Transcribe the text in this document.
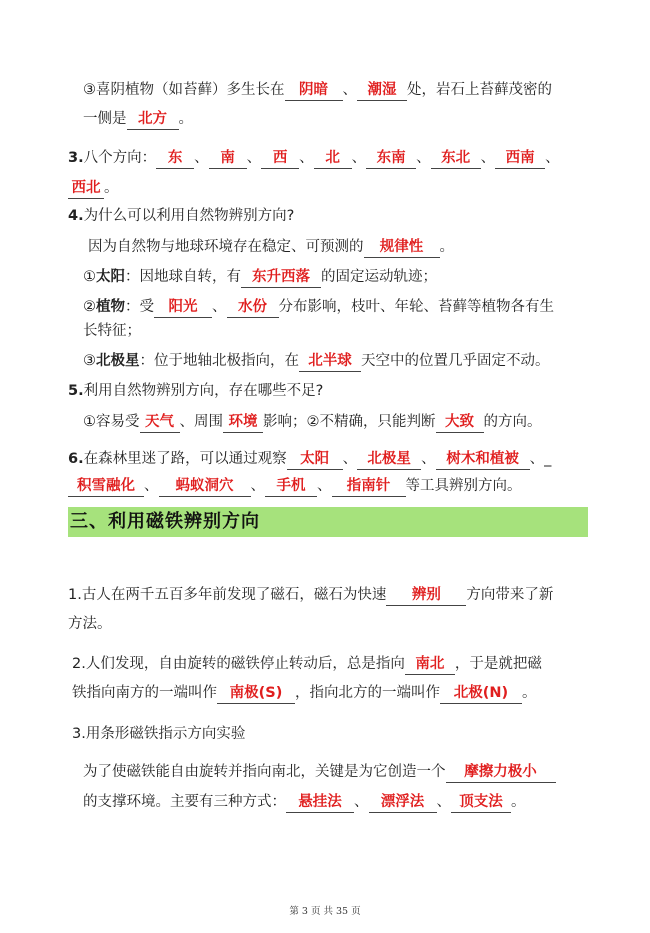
③喜阴植物（如苔藓）多生长在 阴暗 、 潮湿 处，岩石上苔藓茂密的
一侧是 北方 。
3.八个方向： 东 、 南 、 西 、 北 、 东南 、 东北 、 西南 、
西北 。
4.为什么可以利用自然物辨别方向?
因为自然物与地球环境存在稳定、可预测的 规律性 。
①太阳：因地球自转，有 东升西落 的固定运动轨迹；
②植物：受 阳光 、 水份 分布影响，枝叶、年轮、苔藓等植物各有生
长特征；
③北极星：位于地轴北极指向，在 北半球 天空中的位置几乎固定不动。
5.利用自然物辨别方向，存在哪些不足?
①容易受 天气 、周围 环境 影响；②不精确，只能判断 大致 的方向。
6.在森林里迷了路，可以通过观察 太阳 、 北极星 、 树木和植被 、_
积雪融化 、 蚂蚁洞穴 、 手机 、 指南针 等工具辨别方向。
三、利用磁铁辨别方向
1.古人在两千五百多年前发现了磁石，磁石为快速 辨别 方向带来了新
方法。
2.人们发现，自由旋转的磁铁停止转动后，总是指向 南北 ，于是就把磁
铁指向南方的一端叫作 南极(S) ，指向北方的一端叫作 北极(N) 。
3.用条形磁铁指示方向实验
为了使磁铁能自由旋转并指向南北，关键是为它创造一个 摩擦力极小
的支撑环境。主要有三种方式： 悬挂法 、 漂浮法 、 顶支法 。
第 3 页 共 35 页
